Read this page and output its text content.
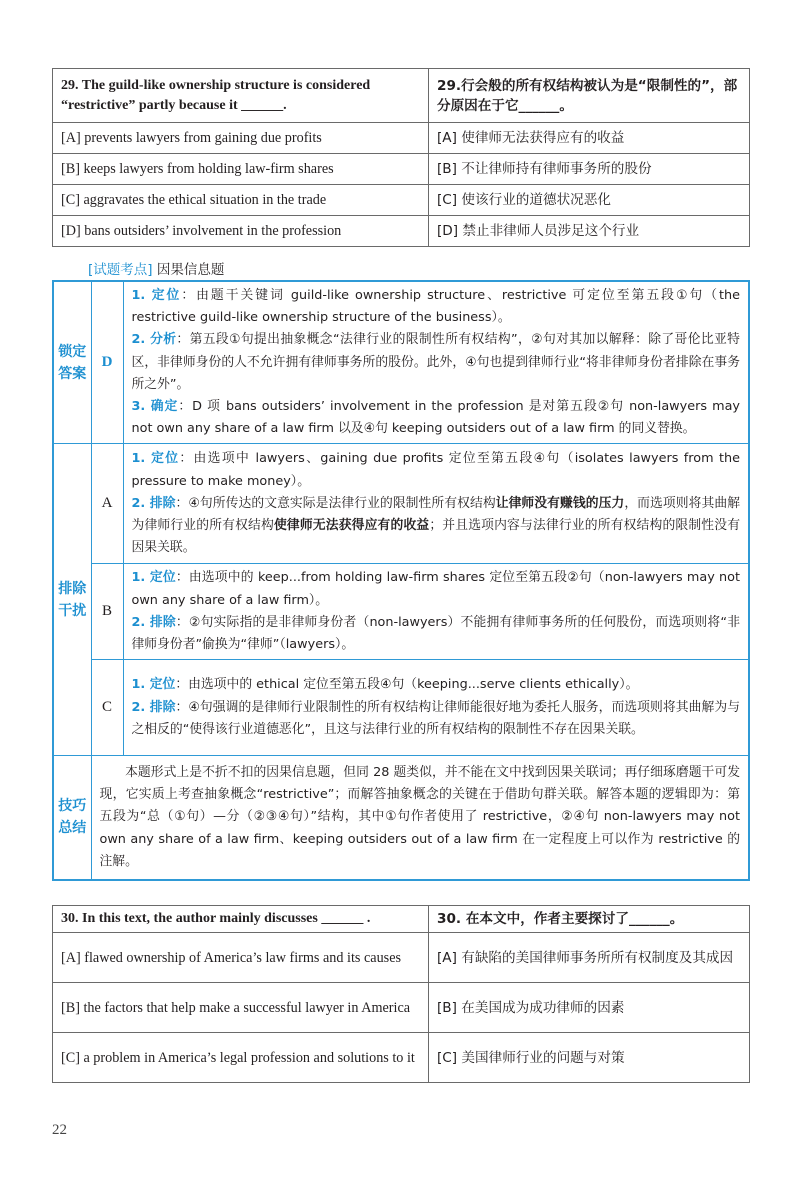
29. The guild-like ownership structure is considered “restrictive” partly because it ______.	29.行会般的所有权结构被认为是“限制性的”，部分原因在于它______。
[A] prevents lawyers from gaining due profits	[A] 使律师无法获得应有的收益
[B] keeps lawyers from holding law-firm shares	[B] 不让律师持有律师事务所的股份
[C] aggravates the ethical situation in the trade	[C] 使该行业的道德状况恶化
[D] bans outsiders’ involvement in the profession	[D] 禁止非律师人员涉足这个行业
[试题考点] 因果信息题
锁定
答案	D	1. 定位：由题干关键词 guild-like ownership structure、restrictive 可定位至第五段①句（the restrictive guild-like ownership structure of the business）。
2. 分析：第五段①句提出抽象概念“法律行业的限制性所有权结构”，②句对其加以解释：除了哥伦比亚特区，非律师身份的人不允许拥有律师事务所的股份。此外，④句也提到律师行业“将非律师身份者排除在事务所之外”。
3. 确定：D 项 bans outsiders’ involvement in the profession 是对第五段②句 non-lawyers may not own any share of a law firm 以及④句 keeping outsiders out of a law firm 的同义替换。

排除
干扰	A	1. 定位：由选项中 lawyers、gaining due profits 定位至第五段④句（isolates lawyers from the pressure to make money）。
2. 排除：④句所传达的文意实际是法律行业的限制性所有权结构让律师没有赚钱的压力，而选项则将其曲解为律师行业的所有权结构使律师无法获得应有的收益；并且选项内容与法律行业的所有权结构的限制性没有因果关联。

	B	1. 定位：由选项中的 keep...from holding law-firm shares 定位至第五段②句（non-lawyers may not own any share of a law firm）。
2. 排除：②句实际指的是非律师身份者（non-lawyers）不能拥有律师事务所的任何股份，而选项则将“非律师身份者”偷换为“律师”（lawyers）。

	C	1. 定位：由选项中的 ethical 定位至第五段④句（keeping...serve clients ethically）。
2. 排除：④句强调的是律师行业限制性的所有权结构让律师能很好地为委托人服务，而选项则将其曲解为与之相反的“使得该行业道德恶化”，且这与法律行业的所有权结构的限制性不存在因果关联。

技巧
总结	本题形式上是不折不扣的因果信息题，但同 28 题类似，并不能在文中找到因果关联词；再仔细琢磨题干可发现，它实质上考查抽象概念“restrictive”；而解答抽象概念的关键在于借助句群关联。解答本题的逻辑即为：第五段为“总（①句）—分（②③④句）”结构，其中①句作者使用了 restrictive，②④句 non-lawyers may not own any share of a law firm、keeping outsiders out of a law firm 在一定程度上可以作为 restrictive 的注解。	
30. In this text, the author mainly discusses ______ .	30. 在本文中，作者主要探讨了______。
[A] flawed ownership of America’s law firms and its causes	[A] 有缺陷的美国律师事务所所有权制度及其成因
[B] the factors that help make a successful lawyer in America	[B] 在美国成为成功律师的因素
[C] a problem in America’s legal profession and solutions to it	[C] 美国律师行业的问题与对策
22
